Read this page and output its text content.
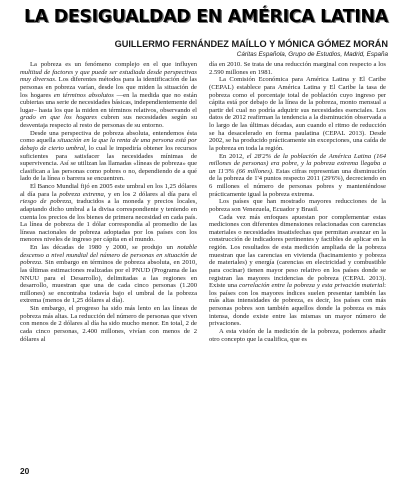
LA DESIGUALDAD EN AMÉRICA LATINA
GUILLERMO FERNÁNDEZ MAÍLLO Y MÓNICA GÓMEZ MORÁN
Cáritas Española, Grupo de Estudios, Madrid, España

La pobreza es un fenómeno complejo en el que influyen multitud de factores y que puede ser estudiada desde perspectivas muy diversas. Los diferentes métodos para la identificación de las personas en pobreza varían, desde los que miden la situación de los hogares en términos absolutos —en la medida que no están cubiertas una serie de necesidades básicas, independientemente del lugar– hasta los que la miden en términos relativos, observando el grado en que los hogares cubren sus necesidades según su desventaja respecto al resto de personas de su entorno.

Desde una perspectiva de pobreza absoluta, entendemos ésta como aquella situación en la que la renta de una persona está por debajo de cierto umbral, lo cual le impediría obtener los recursos suficientes para satisfacer las necesidades mínimas de supervivencia. Así se utilizan las llamadas «líneas de pobreza» que clasifican a las personas como pobres o no, dependiendo de a qué lado de la línea o barrera se encuentren.

El Banco Mundial fijó en 2005 este umbral en los 1,25 dólares al día para la pobreza extrema, y en los 2 dólares al día para el riesgo de pobreza, traducidos a la moneda y precios locales, adaptando dicho umbral a la divisa correspondiente y teniendo en cuenta los precios de los bienes de primera necesidad en cada país. La línea de pobreza de 1 dólar correspondía al promedio de las líneas nacionales de pobreza adoptadas por los países con los menores niveles de ingreso per cápita en el mundo.

En las décadas de 1980 y 2000, se produjo un notable descenso a nivel mundial del número de personas en situación de pobreza. Sin embargo en términos de pobreza absoluta, en 2010, las últimas estimaciones realizadas por el PNUD (Programa de las NNUU para el Desarrollo), delimitadas a las regiones en desarrollo, muestran que una de cada cinco personas (1.200 millones) se encontraba todavía bajo el umbral de la pobreza extrema (menos de 1,25 dólares al día).

Sin embargo, el progreso ha sido más lento en las líneas de pobreza más altas. La reducción del número de personas que viven con menos de 2 dólares al día ha sido mucho menor. En total, 2 de cada cinco personas, 2.400 millones, vivían con menos de 2 dólares al

día en 2010. Se trata de una reducción marginal con respecto a los 2.590 millones en 1981.

La Comisión Económica para América Latina y El Caribe (CEPAL) establece para América Latina y El Caribe la tasa de pobreza como el porcentaje total de población cuyo ingreso per cápita está por debajo de la línea de la pobreza, monto mensual a partir del cual no podría adquirir sus necesidades esenciales. Los datos de 2012 reafirman la tendencia a la disminución observada a lo largo de las últimas décadas, aun cuando el ritmo de reducción se ha desacelerado en forma paulatina (CEPAL 2013). Desde 2002, se ha producido prácticamente sin excepciones, una caída de la pobreza en toda la región.

En 2012, el 28'2% de la población de América Latina (164 millones de personas) era pobre, y la pobreza extrema llegaba a un 11'3% (66 millones). Estas cifras representan una disminución de la pobreza de 1'4 puntos respecto 2011 (29'6%), decreciendo en 6 millones el número de personas pobres y manteniéndose prácticamente igual la pobreza extrema.

Los países que han mostrado mayores reducciones de la pobreza son Venezuela, Ecuador y Brasil.

Cada vez más enfoques apuestan por complementar estas mediciones con diferentes dimensiones relacionadas con carencias materiales o necesidades insatisfechas que permitan avanzar en la construcción de indicadores pertinentes y factibles de aplicar en la región. Los resultados de esta medición ampliada de la pobreza muestran que las carencias en vivienda (hacinamiento y pobreza de materiales) y energía (carencias en electricidad y combustible para cocinar) tienen mayor peso relativo en los países donde se registran las mayores incidencias de pobreza (CEPAL 2013). Existe una correlación entre la pobreza y esta privación material: los países con los mayores índices suelen presentar también las más altas intensidades de pobreza, es decir, los países con más personas pobres son también aquellos donde la pobreza es más intensa, donde existe entre las mismas un mayor número de privaciones.

A esta visión de la medición de la pobreza, podemos añadir otro concepto que la cualifica, que es

20
